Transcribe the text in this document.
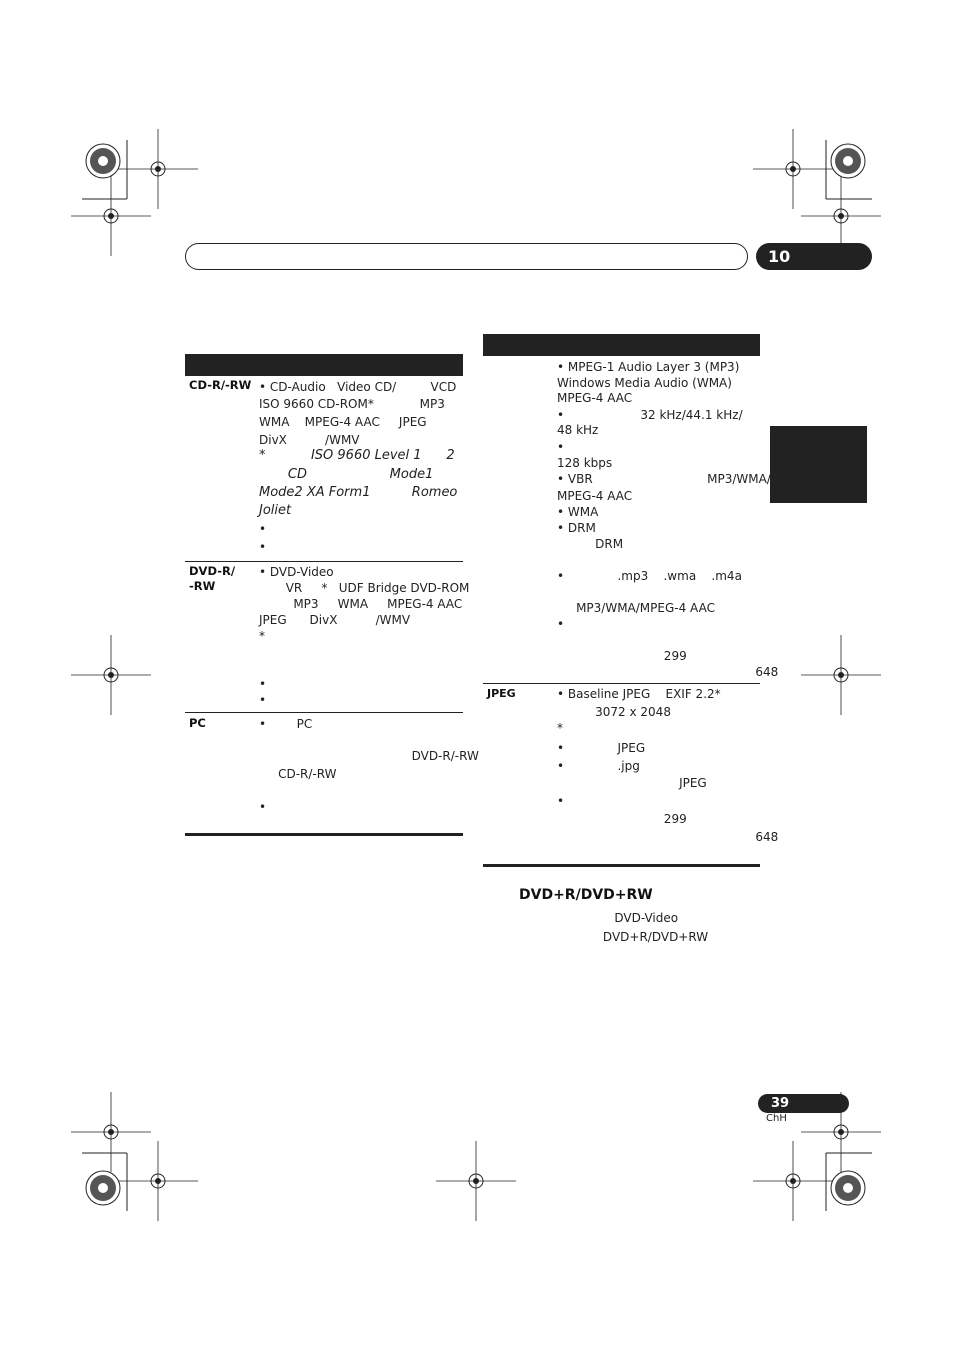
10
CD-R/-RW • CD-Audio   Video CD/         VCD
ISO 9660 CD-ROM*            MP3
WMA    MPEG-4 AAC     JPEG
DivX          /WMV
*           ISO 9660 Level 1      2
CD                    Mode1
Mode2 XA Form1          Romeo
Joliet
•
•
DVD-R/
-RW
• DVD-Video
VR     *   UDF Bridge DVD-ROM
MP3     WMA     MPEG-4 AAC
JPEG      DivX          /WMV
*
•
•
PC	•        PC
DVD-R/-RW
CD-R/-RW
•
• MPEG-1 Audio Layer 3 (MP3)
Windows Media Audio (WMA)
MPEG-4 AAC
•                    32 kHz/44.1 kHz/
48 kHz
•
128 kbps
• VBR                              MP3/WMA/
MPEG-4 AAC
• WMA
• DRM
DRM
•              .mp3    .wma    .m4a
MP3/WMA/MPEG-4 AAC
•
299
648
JPEG	• Baseline JPEG    EXIF 2.2*
3072 x 2048
*
•              JPEG
•              .jpg
JPEG
•
299
648
DVD+R/DVD+RW
DVD-Video
DVD+R/DVD+RW
39
ChH
